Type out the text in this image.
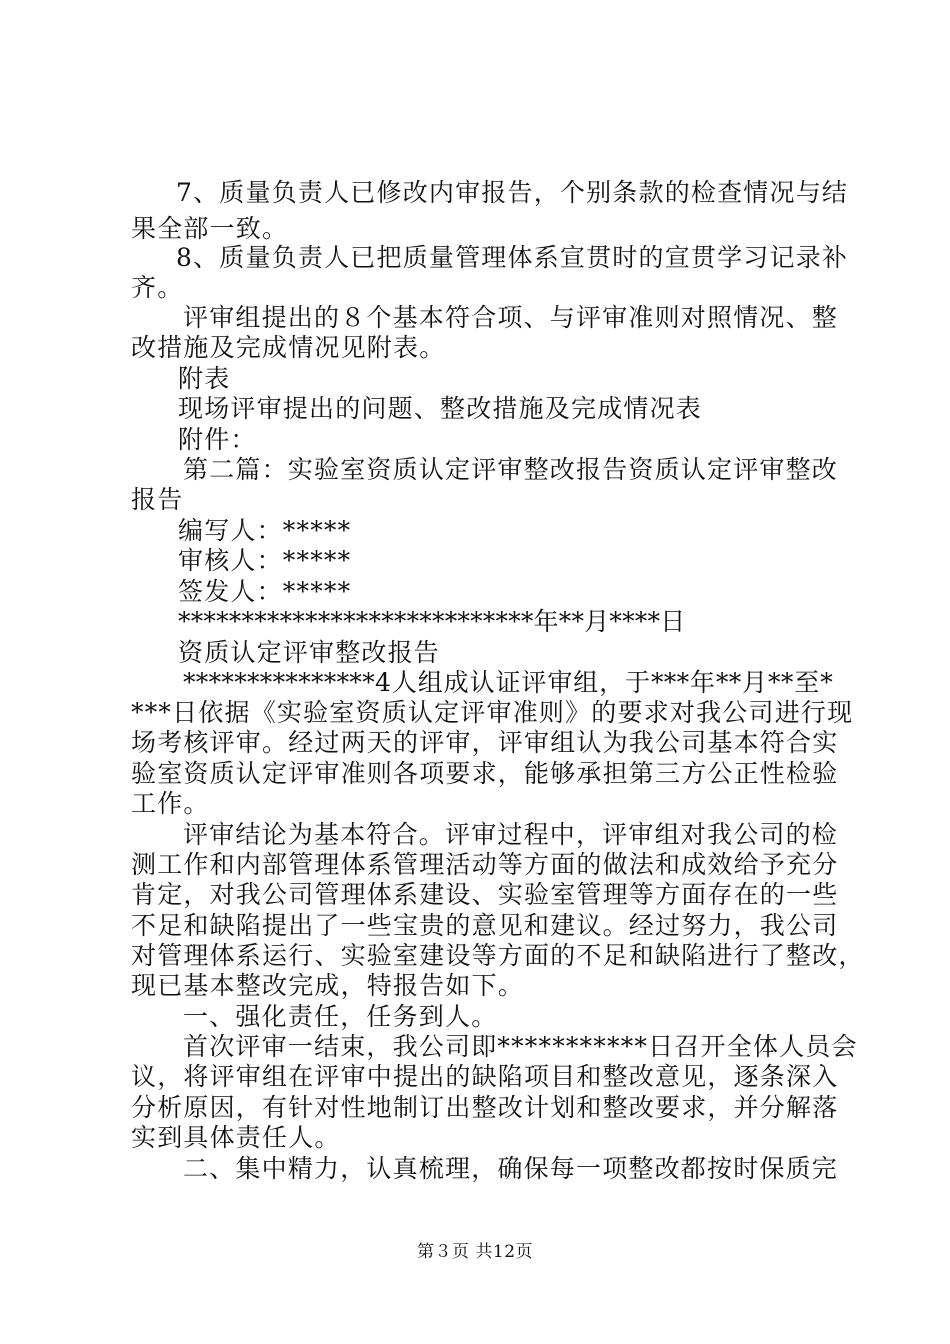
7、质量负责人已修改内审报告，个别条款的检查情况与结
果全部一致。
8、质量负责人已把质量管理体系宣贯时的宣贯学习记录补
齐。
评审组提出的８个基本符合项、与评审准则对照情况、整
改措施及完成情况见附表。
附表
现场评审提出的问题、整改措施及完成情况表
附件：
第二篇：实验室资质认定评审整改报告资质认定评审整改
报告
编写人：*****
审核人：*****
签发人：*****
****************************年**月****日
资质认定评审整改报告
***************4人组成认证评审组，于***年**月**至*
***日依据《实验室资质认定评审准则》的要求对我公司进行现
场考核评审。经过两天的评审，评审组认为我公司基本符合实
验室资质认定评审准则各项要求，能够承担第三方公正性检验
工作。
评审结论为基本符合。评审过程中，评审组对我公司的检
测工作和内部管理体系管理活动等方面的做法和成效给予充分
肯定，对我公司管理体系建设、实验室管理等方面存在的一些
不足和缺陷提出了一些宝贵的意见和建议。经过努力，我公司
对管理体系运行、实验室建设等方面的不足和缺陷进行了整改，
现已基本整改完成，特报告如下。
一、强化责任，任务到人。
首次评审一结束，我公司即***********日召开全体人员会
议，将评审组在评审中提出的缺陷项目和整改意见，逐条深入
分析原因，有针对性地制订出整改计划和整改要求，并分解落
实到具体责任人。
二、集中精力，认真梳理，确保每一项整改都按时保质完
第３页 共12页
